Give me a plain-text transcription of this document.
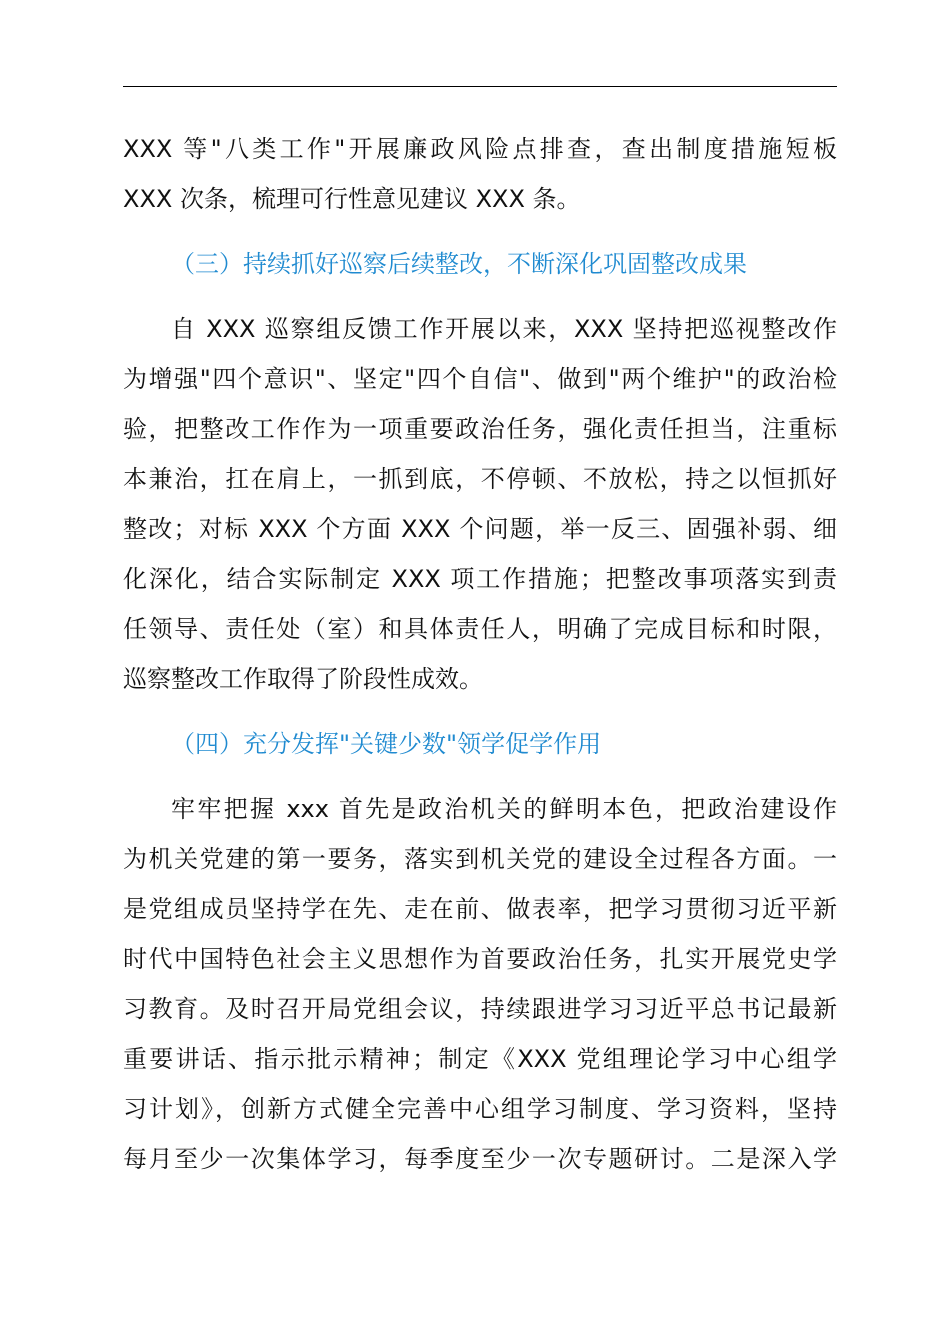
XXX 等"八类工作"开展廉政风险点排查，查出制度措施短板
XXX 次条，梳理可行性意见建议 XXX 条。
（三）持续抓好巡察后续整改，不断深化巩固整改成果
自 XXX 巡察组反馈工作开展以来，XXX 坚持把巡视整改作
为增强"四个意识"、坚定"四个自信"、做到"两个维护"的政治检
验，把整改工作作为一项重要政治任务，强化责任担当，注重标
本兼治，扛在肩上，一抓到底，不停顿、不放松，持之以恒抓好
整改；对标 XXX 个方面 XXX 个问题，举一反三、固强补弱、细
化深化，结合实际制定 XXX 项工作措施；把整改事项落实到责
任领导、责任处（室）和具体责任人，明确了完成目标和时限，
巡察整改工作取得了阶段性成效。
（四）充分发挥"关键少数"领学促学作用
牢牢把握 xxx 首先是政治机关的鲜明本色，把政治建设作
为机关党建的第一要务，落实到机关党的建设全过程各方面。一
是党组成员坚持学在先、走在前、做表率，把学习贯彻习近平新
时代中国特色社会主义思想作为首要政治任务，扎实开展党史学
习教育。及时召开局党组会议，持续跟进学习习近平总书记最新
重要讲话、指示批示精神；制定《XXX 党组理论学习中心组学
习计划》，创新方式健全完善中心组学习制度、学习资料，坚持
每月至少一次集体学习，每季度至少一次专题研讨。二是深入学
